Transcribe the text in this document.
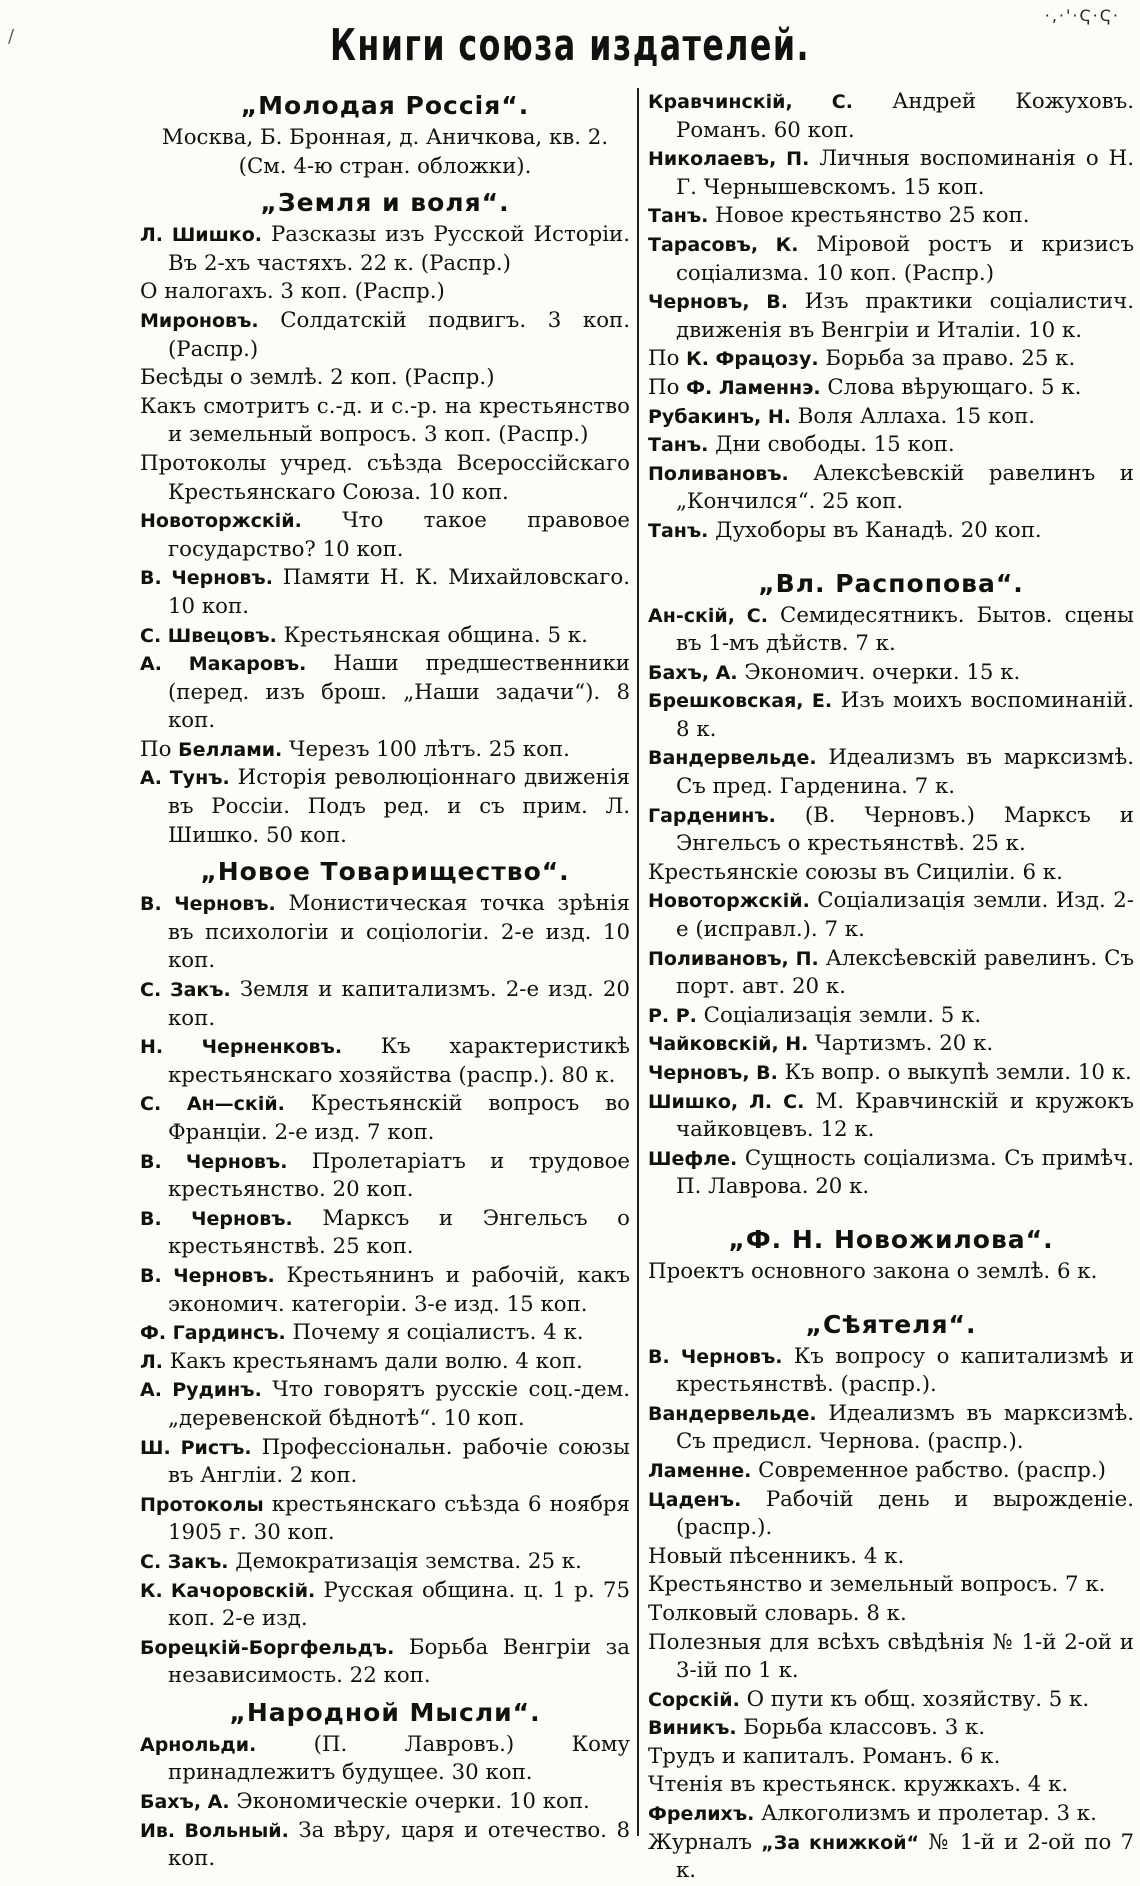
/
·,·'·Ҁ·Ҁ·
Книги союза издателей.
„Молодая Россія“.

Москва, Б. Бронная, д. Аничкова, кв. 2. (См. 4-ю стран. обложки).

„Земля и воля“.

Л. Шишко. Разсказы изъ Русской Исторіи. Въ 2-хъ частяхъ. 22 к. (Распр.)

О налогахъ. 3 коп. (Распр.)

Мироновъ. Солдатскій подвигъ. 3 коп. (Распр.)

Бесѣды о землѣ. 2 коп. (Распр.)

Какъ смотритъ с.-д. и с.-р. на крестьянство и земельный вопросъ. 3 коп. (Распр.)

Протоколы учред. съѣзда Всероссійскаго Крестьянскаго Союза. 10 коп.

Новоторжскій. Что такое правовое государство? 10 коп.

В. Черновъ. Памяти Н. К. Михайловскаго. 10 коп.

С. Швецовъ. Крестьянская община. 5 к.

А. Макаровъ. Наши предшественники (перед. изъ брош. „Наши задачи“). 8 коп.

По Беллами. Черезъ 100 лѣтъ. 25 коп.

А. Тунъ. Исторія революціоннаго движенія въ Россіи. Подъ ред. и съ прим. Л. Шишко. 50 коп.

„Новое Товарищество“.

В. Черновъ. Монистическая точка зрѣнія въ психологіи и соціологіи. 2-е изд. 10 коп.

С. Закъ. Земля и капитализмъ. 2-е изд. 20 коп.

Н. Черненковъ. Къ характеристикѣ крестьянскаго хозяйства (распр.). 80 к.

С. Ан—скій. Крестьянскій вопросъ во Франціи. 2-е изд. 7 коп.

В. Черновъ. Пролетаріатъ и трудовое крестьянство. 20 коп.

В. Черновъ. Марксъ и Энгельсъ о крестьянствѣ. 25 коп.

В. Черновъ. Крестьянинъ и рабочій, какъ экономич. категоріи. 3-е изд. 15 коп.

Ф. Гардинсъ. Почему я соціалистъ. 4 к.

Л. Какъ крестьянамъ дали волю. 4 коп.

А. Рудинъ. Что говорятъ русскіе соц.-дем. „деревенской бѣднотѣ“. 10 коп.

Ш. Ристъ. Профессіональн. рабочіе союзы въ Англіи. 2 коп.

Протоколы крестьянскаго съѣзда 6 ноября 1905 г. 30 коп.

С. Закъ. Демократизація земства. 25 к.

К. Качоровскій. Русская община. ц. 1 р. 75 коп. 2-е изд.

Борецкій-Боргфельдъ. Борьба Венгріи за независимость. 22 коп.

„Народной Мысли“.

Арнольди. (П. Лавровъ.) Кому принадлежитъ будущее. 30 коп.

Бахъ, А. Экономическіе очерки. 10 коп.

Ив. Вольный. За вѣру, царя и отечество. 8 коп.

Кравчинскій, С. Андрей Кожуховъ. Романъ. 60 коп.

Николаевъ, П. Личныя воспоминанія о Н. Г. Чернышевскомъ. 15 коп.

Танъ. Новое крестьянство 25 коп.

Тарасовъ, К. Міровой ростъ и кризисъ соціализма. 10 коп. (Распр.)

Черновъ, В. Изъ практики соціалистич. движенія въ Венгріи и Италіи. 10 к.

По К. Фрацозу. Борьба за право. 25 к.

По Ф. Ламеннэ. Слова вѣрующаго. 5 к.

Рубакинъ, Н. Воля Аллаха. 15 коп.

Танъ. Дни свободы. 15 коп.

Поливановъ. Алексѣевскій равелинъ и „Кончился“. 25 коп.

Танъ. Духоборы въ Канадѣ. 20 коп.

„Вл. Распопова“.

Ан-скій, С. Семидесятникъ. Бытов. сцены въ 1-мъ дѣйств. 7 к.

Бахъ, А. Экономич. очерки. 15 к.

Брешковская, Е. Изъ моихъ воспоминаній. 8 к.

Вандервельде. Идеализмъ въ марксизмѣ. Съ пред. Гарденина. 7 к.

Гарденинъ. (В. Черновъ.) Марксъ и Энгельсъ о крестьянствѣ. 25 к.

Крестьянскіе союзы въ Сициліи. 6 к.

Новоторжскій. Соціализація земли. Изд. 2-е (исправл.). 7 к.

Поливановъ, П. Алексѣевскій равелинъ. Съ порт. авт. 20 к.

Р. Р. Соціализація земли. 5 к.

Чайковскій, Н. Чартизмъ. 20 к.

Черновъ, В. Къ вопр. о выкупѣ земли. 10 к.

Шишко, Л. С. М. Кравчинскій и кружокъ чайковцевъ. 12 к.

Шефле. Сущность соціализма. Съ примѣч. П. Лаврова. 20 к.

„Ф. Н. Новожилова“.

Проектъ основного закона о землѣ. 6 к.

„Сѣятеля“.

В. Черновъ. Къ вопросу о капитализмѣ и крестьянствѣ. (распр.).

Вандервельде. Идеализмъ въ марксизмѣ. Съ предисл. Чернова. (распр.).

Ламенне. Современное рабство. (распр.)

Цаденъ. Рабочій день и вырожденіе. (распр.).

Новый пѣсенникъ. 4 к.

Крестьянство и земельный вопросъ. 7 к.

Толковый словарь. 8 к.

Полезныя для всѣхъ свѣдѣнія № 1-й 2-ой и 3-ій по 1 к.

Сорскій. О пути къ общ. хозяйству. 5 к.

Виникъ. Борьба классовъ. 3 к.

Трудъ и капиталъ. Романъ. 6 к.

Чтенія въ крестьянск. кружкахъ. 4 к.

Фрелихъ. Алкоголизмъ и пролетар. 3 к.

Журналъ „За книжкой“ № 1-й и 2-ой по 7 к.
